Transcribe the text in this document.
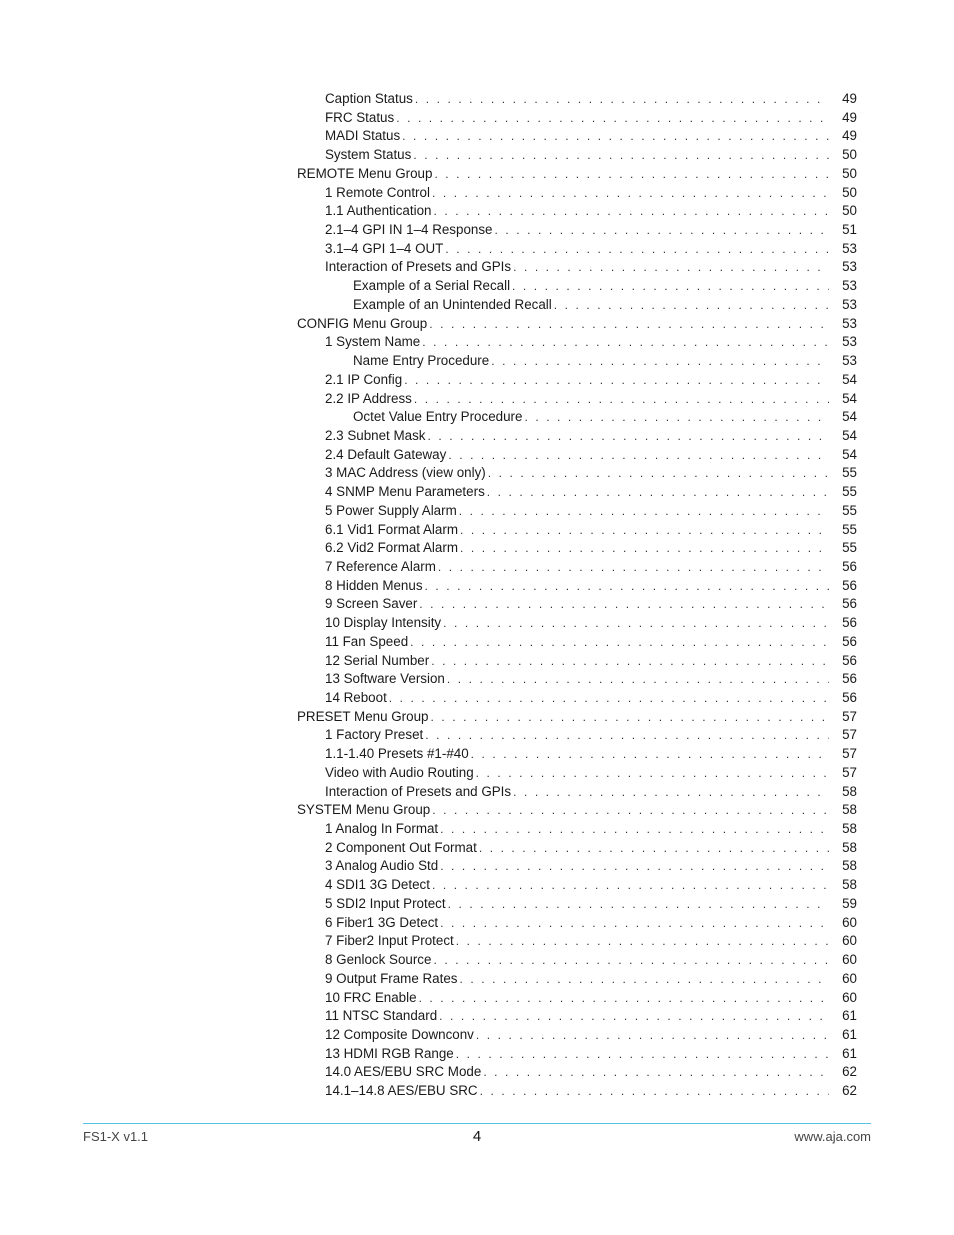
Caption Status . . .	49
FRC Status . . .	49
MADI Status . . .	49
System Status . . .	50
REMOTE Menu Group . . .	50
1 Remote Control . . .	50
1.1 Authentication . . .	50
2.1–4 GPI IN 1–4 Response . . .	51
3.1–4 GPI 1–4 OUT . . .	53
Interaction of Presets and GPIs . . .	53
Example of a Serial Recall . . .	53
Example of an Unintended Recall . . .	53
CONFIG Menu Group . . .	53
1 System Name . . .	53
Name Entry Procedure . . .	53
2.1 IP Config . . .	54
2.2 IP Address . . .	54
Octet Value Entry Procedure . . .	54
2.3 Subnet Mask . . .	54
2.4 Default Gateway . . .	54
3 MAC Address (view only) . . .	55
4 SNMP Menu Parameters . . .	55
5 Power Supply Alarm . . .	55
6.1 Vid1 Format Alarm . . .	55
6.2 Vid2 Format Alarm . . .	55
7 Reference Alarm . . .	56
8 Hidden Menus . . .	56
9 Screen Saver . . .	56
10 Display Intensity . . .	56
11 Fan Speed . . .	56
12 Serial Number . . .	56
13 Software Version . . .	56
14 Reboot . . .	56
PRESET Menu Group . . .	57
1 Factory Preset . . .	57
1.1-1.40 Presets #1-#40 . . .	57
Video with Audio Routing . . .	57
Interaction of Presets and GPIs . . .	58
SYSTEM Menu Group . . .	58
1 Analog In Format . . .	58
2 Component Out Format . . .	58
3 Analog Audio Std . . .	58
4 SDI1 3G Detect . . .	58
5 SDI2 Input Protect . . .	59
6 Fiber1 3G Detect . . .	60
7 Fiber2 Input Protect . . .	60
8 Genlock Source . . .	60
9 Output Frame Rates . . .	60
10 FRC Enable . . .	60
11 NTSC Standard . . .	61
12 Composite Downconv . . .	61
13 HDMI RGB Range . . .	61
14.0 AES/EBU SRC Mode . . .	62
14.1–14.8 AES/EBU SRC . . .	62
FS1-X v1.1	4	www.aja.com
